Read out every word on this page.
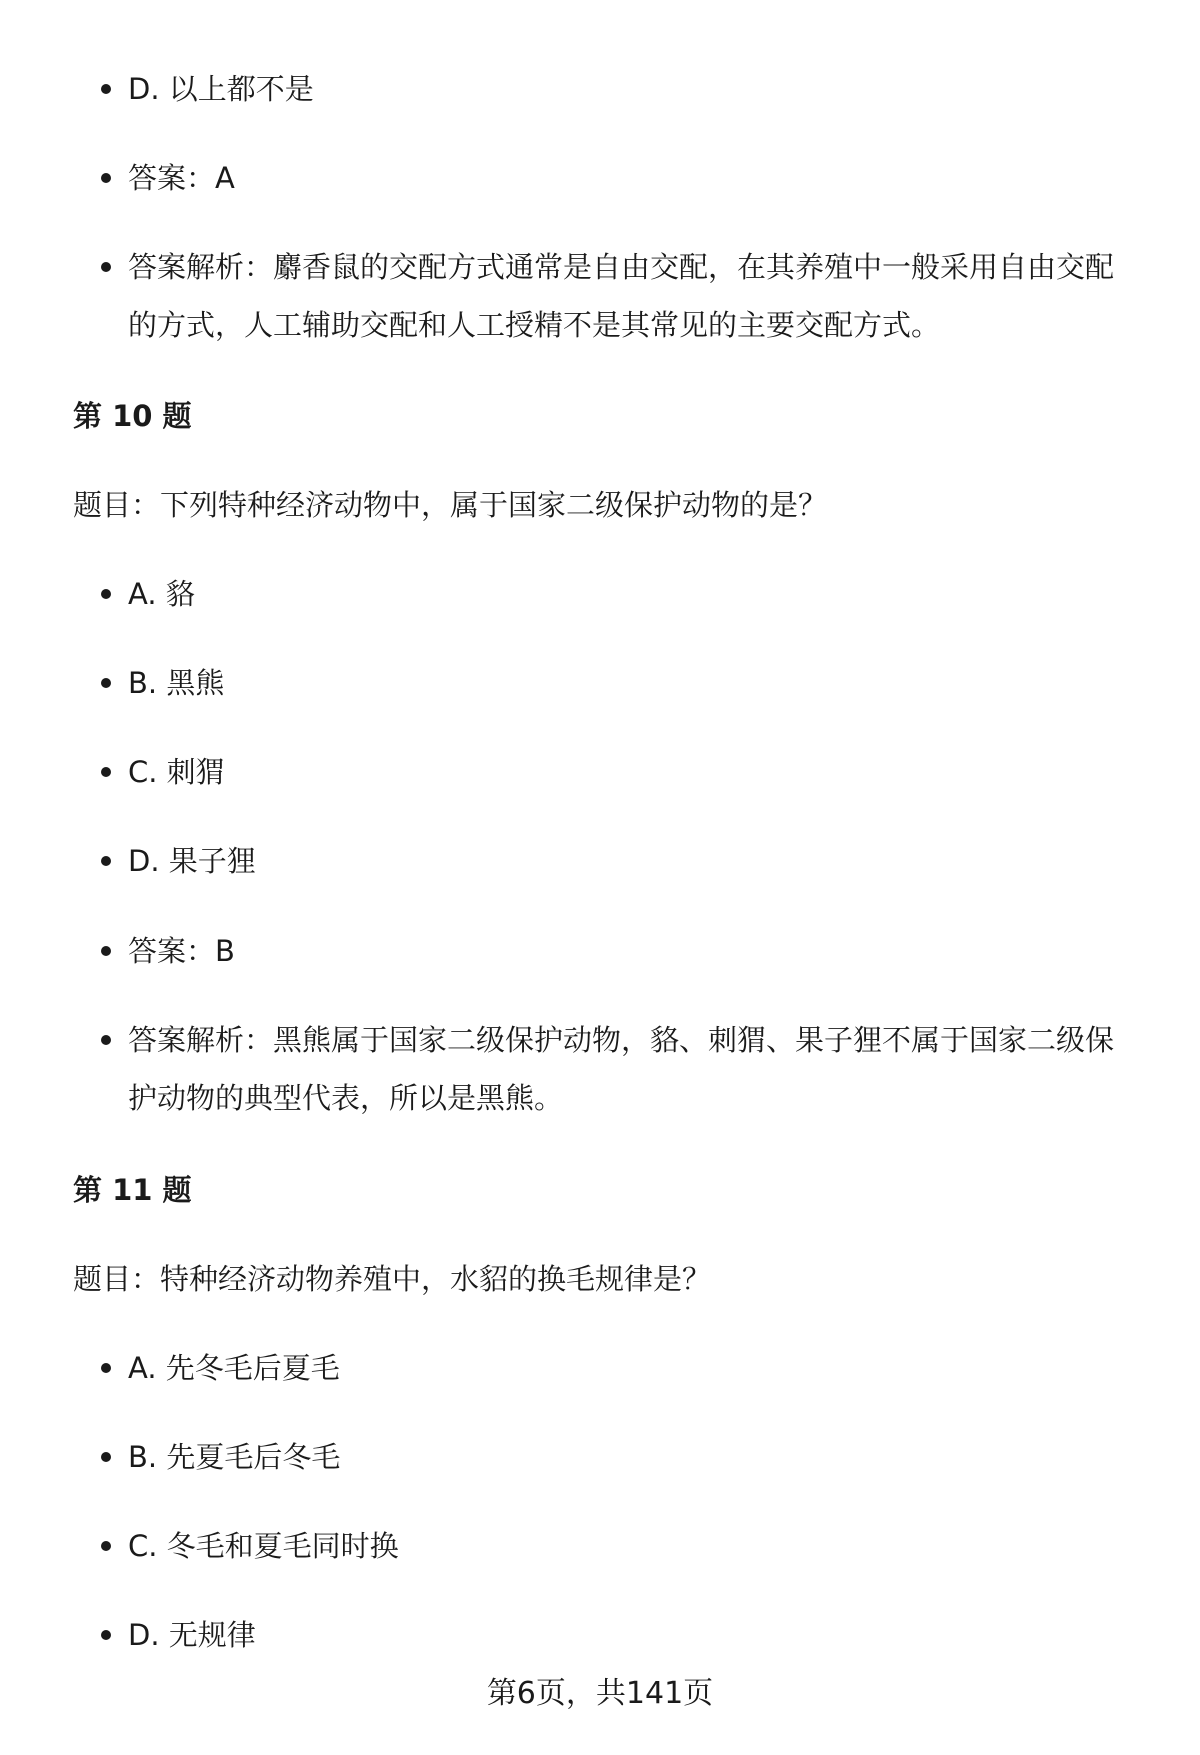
D. 以上都不是

答案：A

答案解析：麝香鼠的交配方式通常是自由交配，在其养殖中一般采用自由交配的方式，人工辅助交配和人工授精不是其常见的主要交配方式。

第 10 题

题目：下列特种经济动物中，属于国家二级保护动物的是？

A. 貉

B. 黑熊

C. 刺猬

D. 果子狸

答案：B

答案解析：黑熊属于国家二级保护动物，貉、刺猬、果子狸不属于国家二级保护动物的典型代表，所以是黑熊。

第 11 题

题目：特种经济动物养殖中，水貂的换毛规律是？

A. 先冬毛后夏毛

B. 先夏毛后冬毛

C. 冬毛和夏毛同时换

D. 无规律

第6页，共141页
